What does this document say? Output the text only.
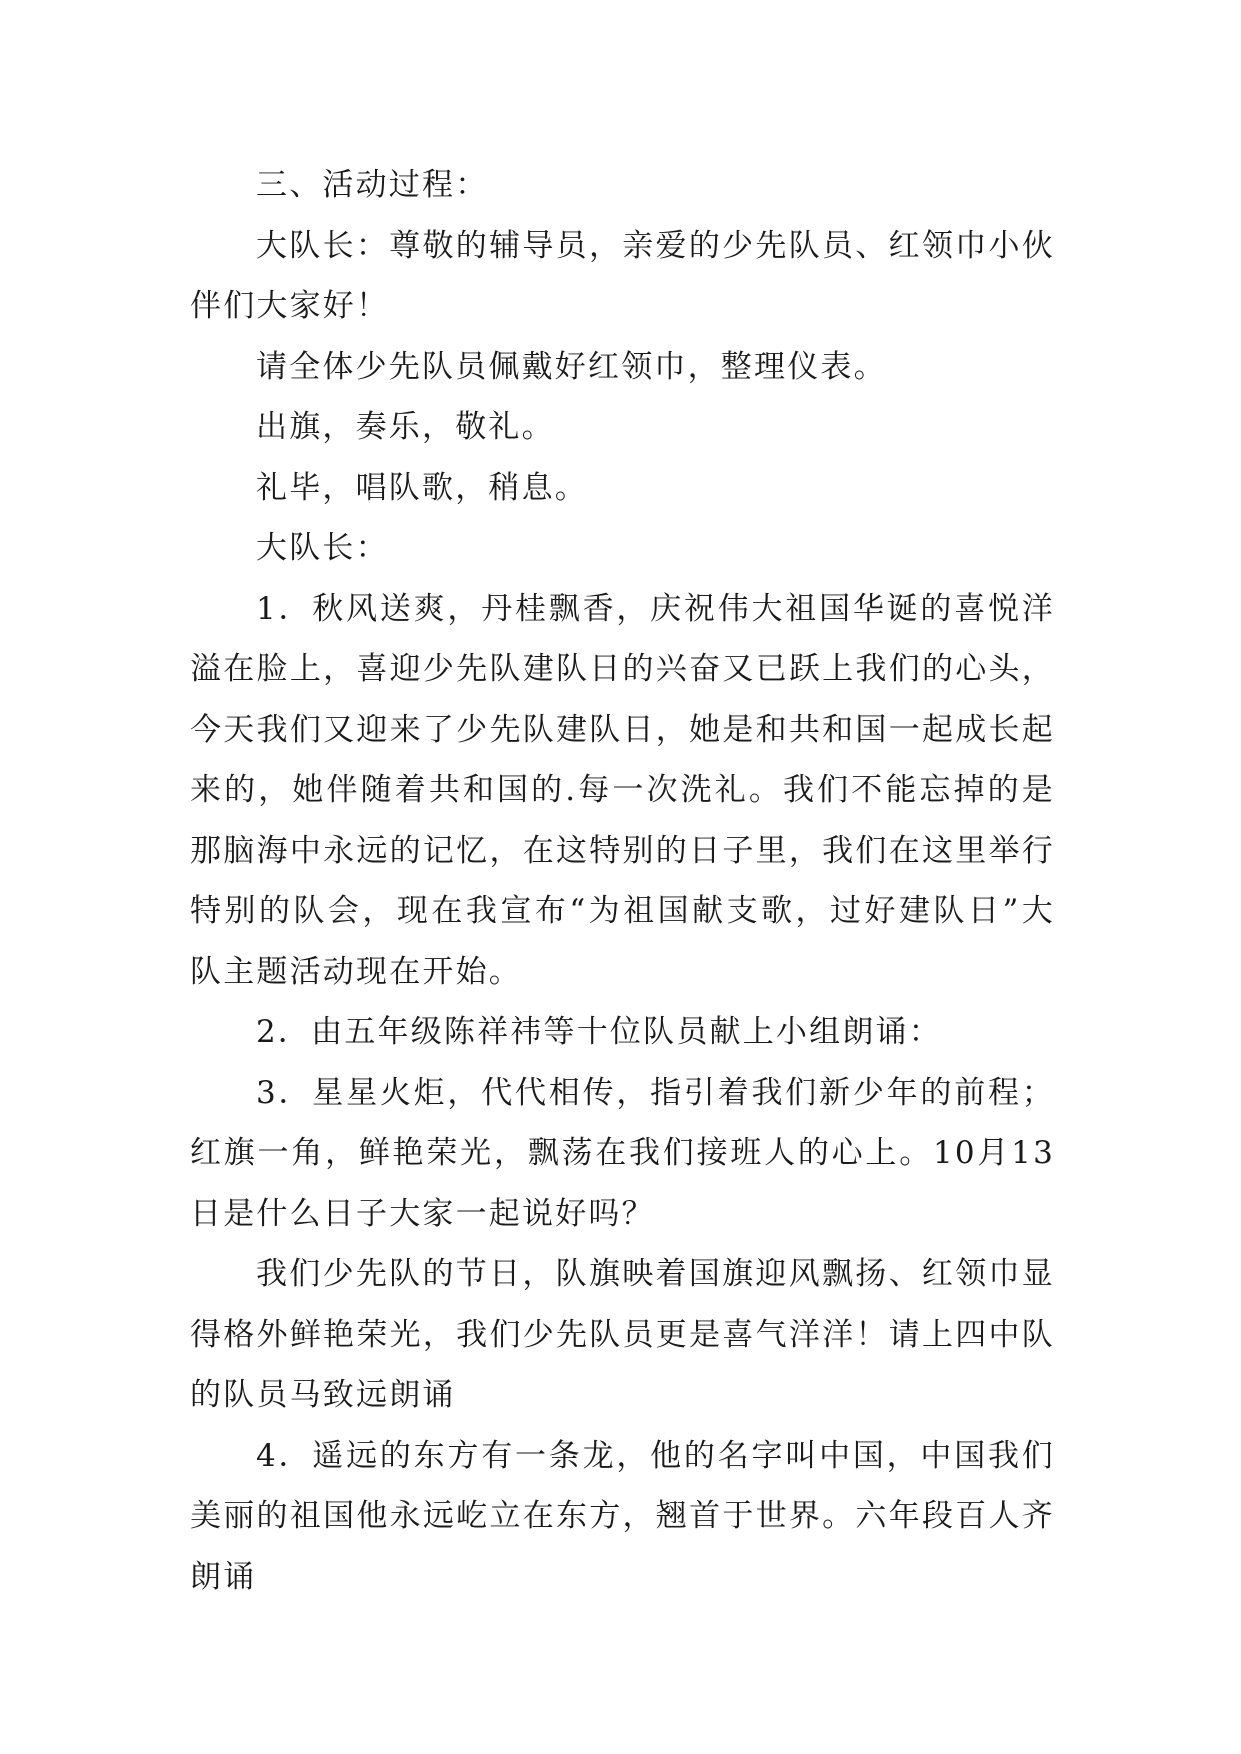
三、活动过程：

大队长：尊敬的辅导员，亲爱的少先队员、红领巾小伙伴们大家好！

请全体少先队员佩戴好红领巾，整理仪表。

出旗，奏乐，敬礼。

礼毕，唱队歌，稍息。

大队长：

1．秋风送爽，丹桂飘香，庆祝伟大祖国华诞的喜悦洋溢在脸上，喜迎少先队建队日的兴奋又已跃上我们的心头，今天我们又迎来了少先队建队日，她是和共和国一起成长起来的，她伴随着共和国的.每一次洗礼。我们不能忘掉的是那脑海中永远的记忆，在这特别的日子里，我们在这里举行特别的队会，现在我宣布“为祖国献支歌，过好建队日”大队主题活动现在开始。

2．由五年级陈祥祎等十位队员献上小组朗诵：

3．星星火炬，代代相传，指引着我们新少年的前程；红旗一角，鲜艳荣光，飘荡在我们接班人的心上。10月13日是什么日子大家一起说好吗？

我们少先队的节日，队旗映着国旗迎风飘扬、红领巾显得格外鲜艳荣光，我们少先队员更是喜气洋洋！请上四中队的队员马致远朗诵

4．遥远的东方有一条龙，他的名字叫中国，中国我们美丽的祖国他永远屹立在东方，翘首于世界。六年段百人齐朗诵
